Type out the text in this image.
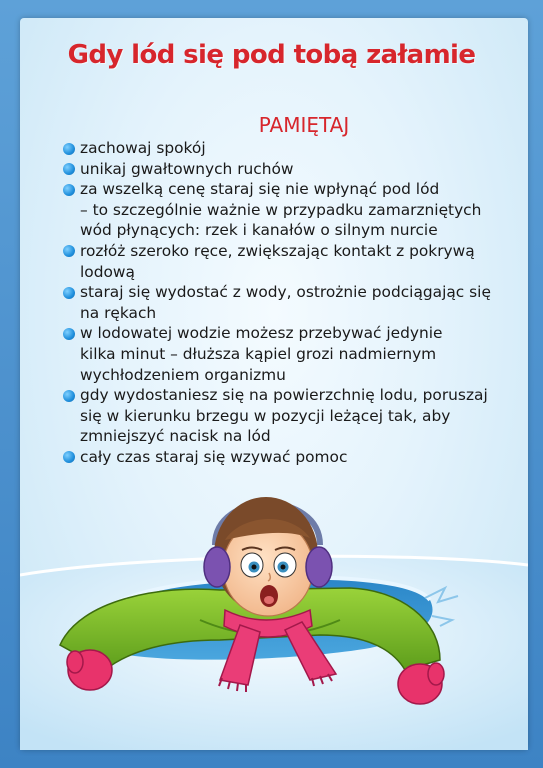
Gdy lód się pod tobą załamie
PAMIĘTAJ
zachowaj spokój
unikaj gwałtownych ruchów
za wszelką cenę staraj się nie wpłynąć pod lód
– to szczególnie ważnie w przypadku zamarzniętych
wód płynących: rzek i kanałów o silnym nurcie
rozłóż szeroko ręce, zwiększając kontakt z pokrywą
lodową
staraj się wydostać z wody, ostrożnie podciągając się
na rękach
w lodowatej wodzie możesz przebywać jedynie
kilka minut – dłuższa kąpiel grozi nadmiernym
wychłodzeniem organizmu
gdy wydostaniesz się na powierzchnię lodu, poruszaj
się w kierunku brzegu w pozycji leżącej tak, aby
zmniejszyć nacisk na lód
cały czas staraj się wzywać pomoc
